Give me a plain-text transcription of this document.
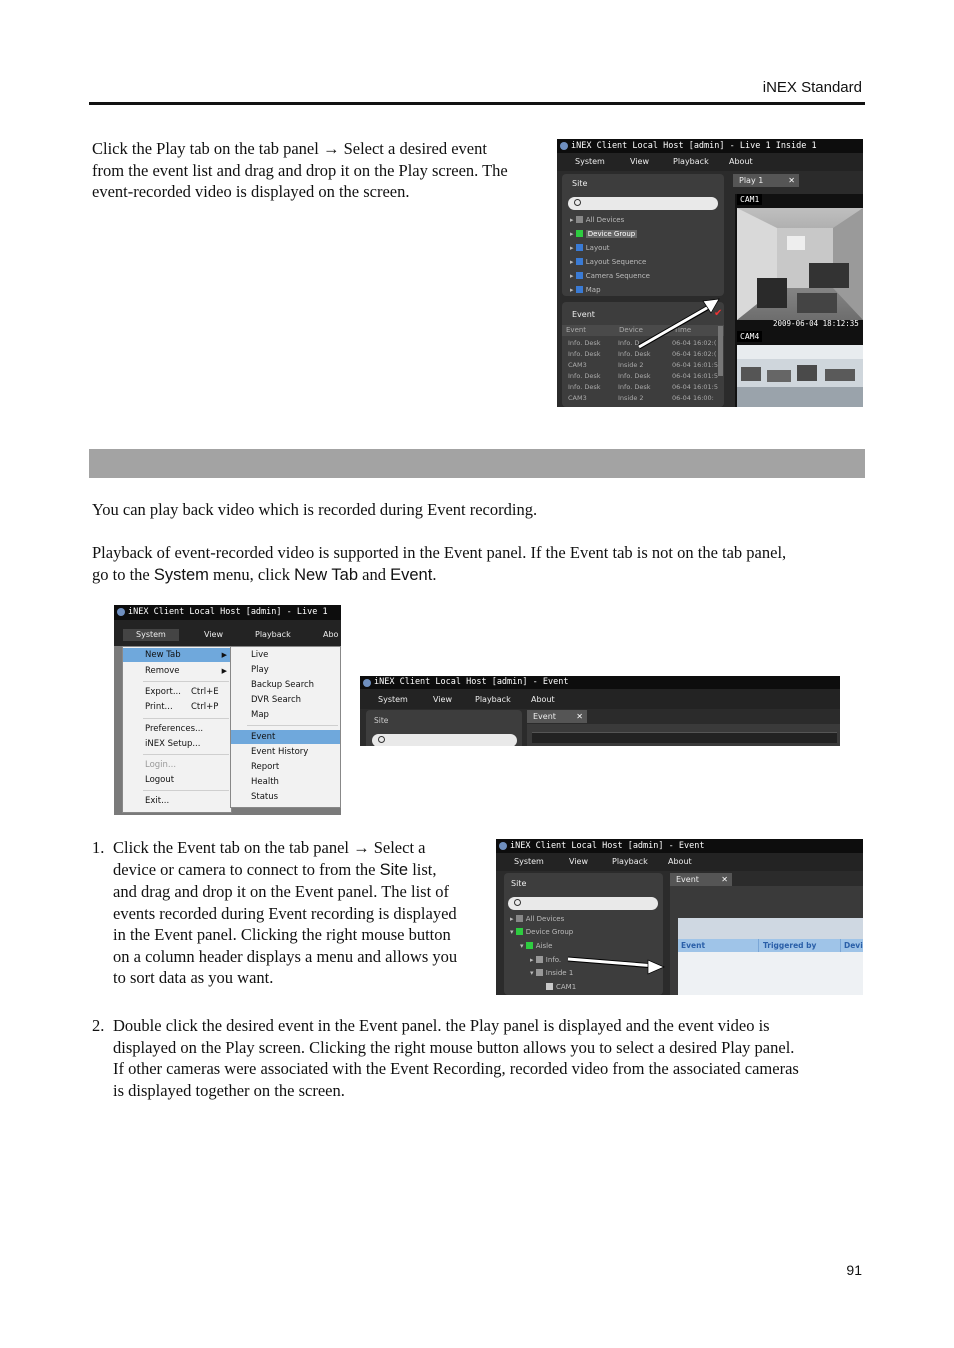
iNEX Standard
Click the Play tab on the tab panel → Select a desired event
from the event list and drag and drop it on the Play screen. The
event-recorded video is displayed on the screen.
iNEX Client Local Host [admin] - Live 1 Inside 1
System	View	Playback	About
Site
▸ All Devices
▸ Device Group
▸ Layout
▸ Layout Sequence
▸ Camera Sequence
▸ Map
Event	✔
Event	Device	Time
Info. Desk	Info. D	06-04 16:02:(
Info. Desk	Info. Desk	06-04 16:02:(
CAM3	Inside 2	06-04 16:01:5
Info. Desk	Info. Desk	06-04 16:01:5
Info. Desk	Info. Desk	06-04 16:01:5
CAM3	Inside 2	06-04 16:00:
Play 1	✕
CAM1
2009-06-04 18:12:35
CAM4
You can play back video which is recorded during Event recording.
Playback of event-recorded video is supported in the Event panel. If the Event tab is not on the tab panel,
go to the System menu, click New Tab and Event.
iNEX Client Local Host [admin] - Live 1
System	View	Playback	Abo
New Tab	▶
Remove	▶
Export... Ctrl+E
Print... Ctrl+P
Preferences...
iNEX Setup...
Login...
Logout
Exit...
Live
Play
Backup Search
DVR Search
Map
Event
Event History
Report
Health
Status
iNEX Client Local Host [admin] - Event
System	View	Playback	About
Site	Event	✕
1. Click the Event tab on the tab panel → Select a
device or camera to connect to from the Site list,
and drag and drop it on the Event panel. The list of
events recorded during Event recording is displayed
in the Event panel. Clicking the right mouse button
on a column header displays a menu and allows you
to sort data as you want.
iNEX Client Local Host [admin] - Event
System	View	Playback	About
Site
▸ All Devices
▾ Device Group
▾ Aisle
▸ Info.
▾ Inside 1
CAM1
Event	✕
Event	Triggered by	Devi
2. Double click the desired event in the Event panel. the Play panel is displayed and the event video is
displayed on the Play screen. Clicking the right mouse button allows you to select a desired Play panel.
If other cameras were associated with the Event Recording, recorded video from the associated cameras
is displayed together on the screen.
91
